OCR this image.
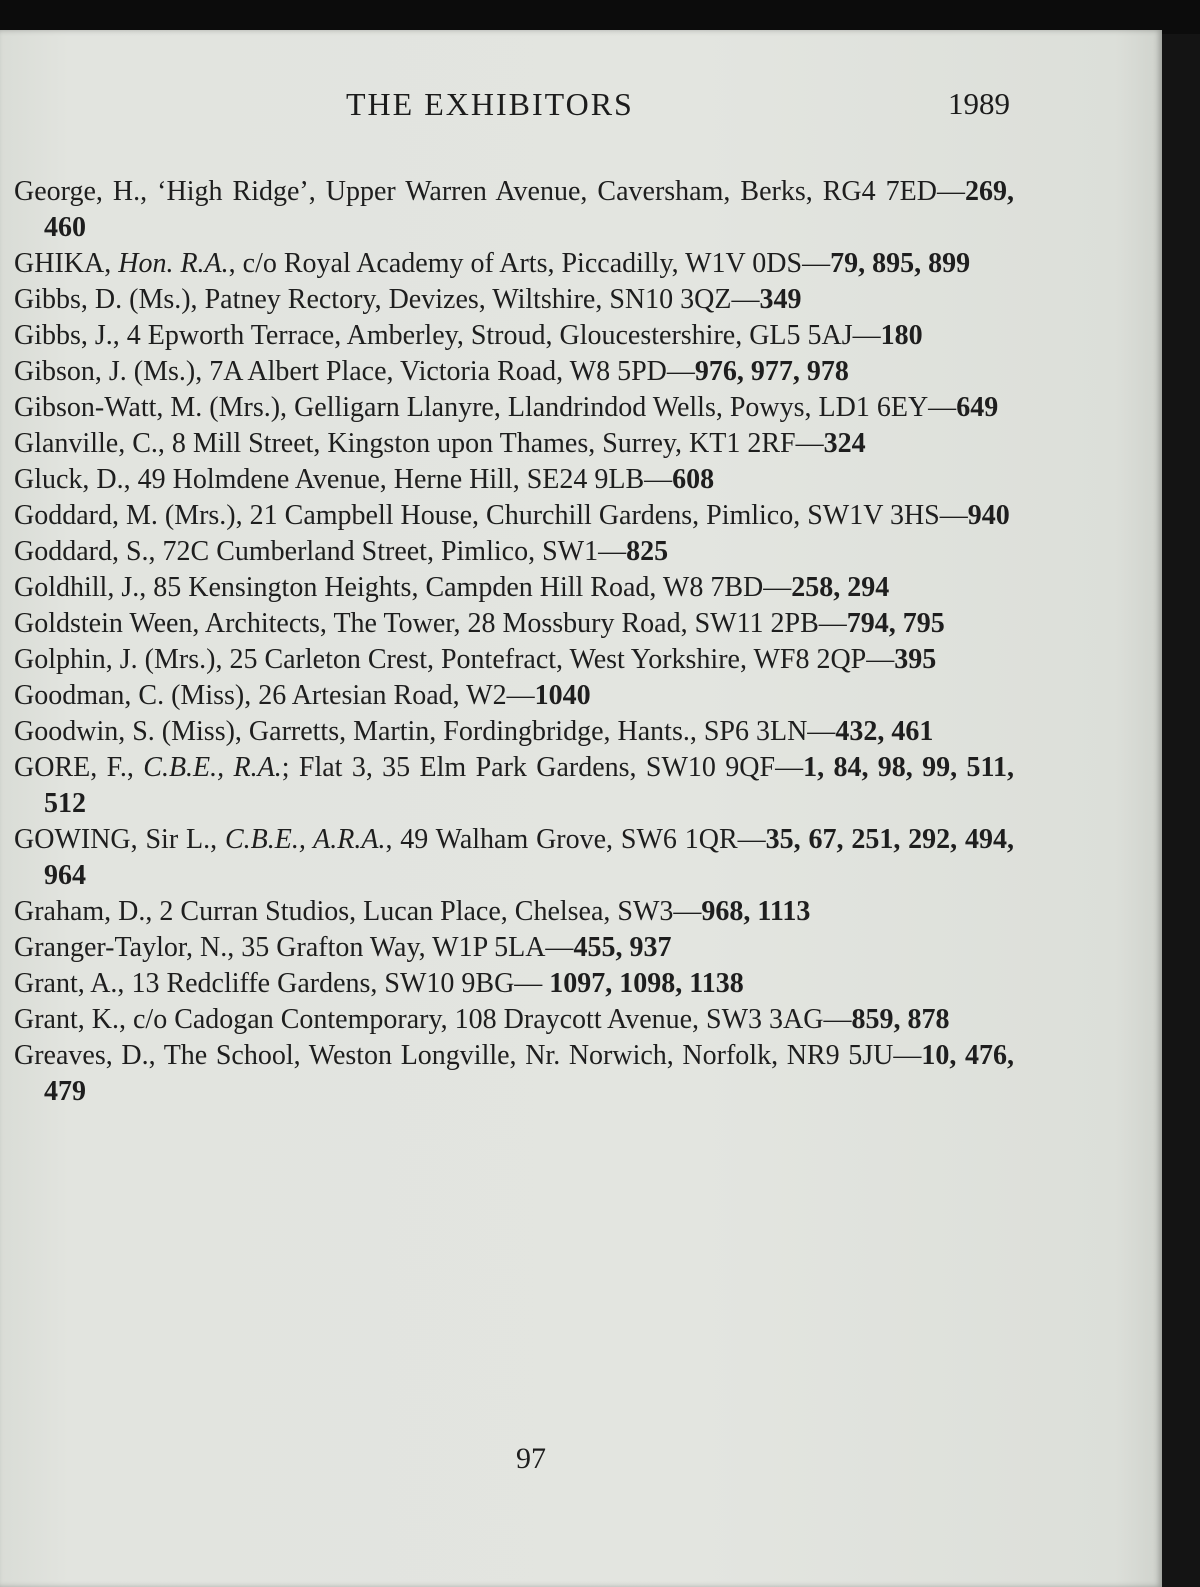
THE EXHIBITORS	1989
George, H., ‘High Ridge’, Upper Warren Avenue, Caversham, Berks, RG4 7ED—269, 460
GHIKA, Hon. R.A., c/o Royal Academy of Arts, Piccadilly, W1V 0DS—79, 895, 899
Gibbs, D. (Ms.), Patney Rectory, Devizes, Wiltshire, SN10 3QZ—349
Gibbs, J., 4 Epworth Terrace, Amberley, Stroud, Gloucestershire, GL5 5AJ—180
Gibson, J. (Ms.), 7A Albert Place, Victoria Road, W8 5PD—976, 977, 978
Gibson-Watt, M. (Mrs.), Gelligarn Llanyre, Llandrindod Wells, Powys, LD1 6EY—649
Glanville, C., 8 Mill Street, Kingston upon Thames, Surrey, KT1 2RF—324
Gluck, D., 49 Holmdene Avenue, Herne Hill, SE24 9LB—608
Goddard, M. (Mrs.), 21 Campbell House, Churchill Gardens, Pimlico, SW1V 3HS—940
Goddard, S., 72C Cumberland Street, Pimlico, SW1—825
Goldhill, J., 85 Kensington Heights, Campden Hill Road, W8 7BD—258, 294
Goldstein Ween, Architects, The Tower, 28 Mossbury Road, SW11 2PB—794, 795
Golphin, J. (Mrs.), 25 Carleton Crest, Pontefract, West Yorkshire, WF8 2QP—395
Goodman, C. (Miss), 26 Artesian Road, W2—1040
Goodwin, S. (Miss), Garretts, Martin, Fordingbridge, Hants., SP6 3LN—432, 461
GORE, F., C.B.E., R.A.; Flat 3, 35 Elm Park Gardens, SW10 9QF—1, 84, 98, 99, 511, 512
GOWING, Sir L., C.B.E., A.R.A., 49 Walham Grove, SW6 1QR—35, 67, 251, 292, 494, 964
Graham, D., 2 Curran Studios, Lucan Place, Chelsea, SW3—968, 1113
Granger-Taylor, N., 35 Grafton Way, W1P 5LA—455, 937
Grant, A., 13 Redcliffe Gardens, SW10 9BG— 1097, 1098, 1138
Grant, K., c/o Cadogan Contemporary, 108 Draycott Avenue, SW3 3AG—859, 878
Greaves, D., The School, Weston Longville, Nr. Norwich, Norfolk, NR9 5JU—10, 476, 479
97
